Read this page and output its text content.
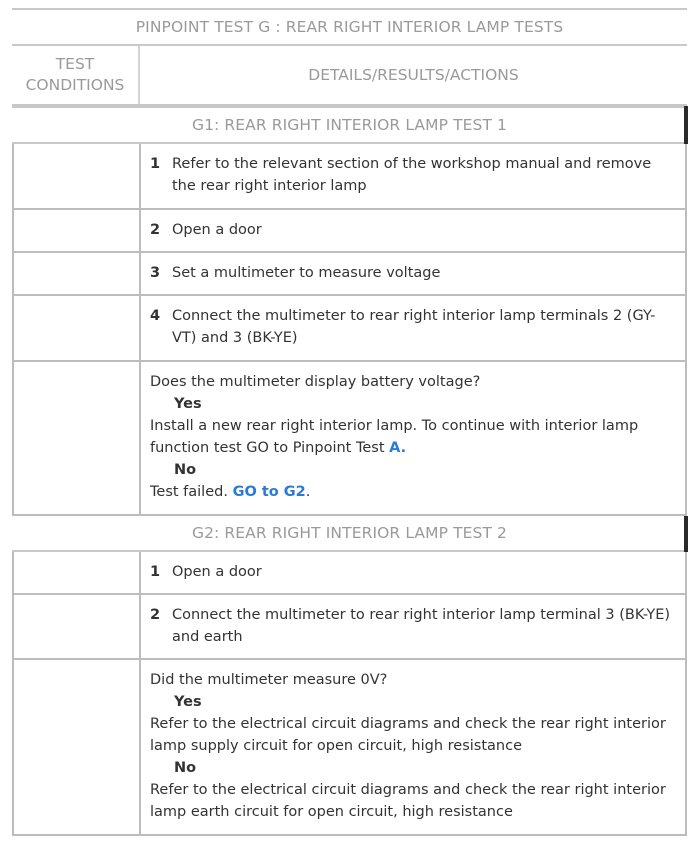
PINPOINT TEST G : REAR RIGHT INTERIOR LAMP TESTS
TEST
CONDITIONS
DETAILS/RESULTS/ACTIONS
G1: REAR RIGHT INTERIOR LAMP TEST 1
1 Refer to the relevant section of the workshop manual and remove the rear right interior lamp
2 Open a door
3 Set a multimeter to measure voltage
4 Connect the multimeter to rear right interior lamp terminals 2 (GY-VT) and 3 (BK-YE)
Does the multimeter display battery voltage?
Yes
Install a new rear right interior lamp. To continue with interior lamp function test GO to Pinpoint Test A.
No
Test failed. GO to G2.
G2: REAR RIGHT INTERIOR LAMP TEST 2
1 Open a door
2 Connect the multimeter to rear right interior lamp terminal 3 (BK-YE) and earth
Did the multimeter measure 0V?
Yes
Refer to the electrical circuit diagrams and check the rear right interior lamp supply circuit for open circuit, high resistance
No
Refer to the electrical circuit diagrams and check the rear right interior lamp earth circuit for open circuit, high resistance
